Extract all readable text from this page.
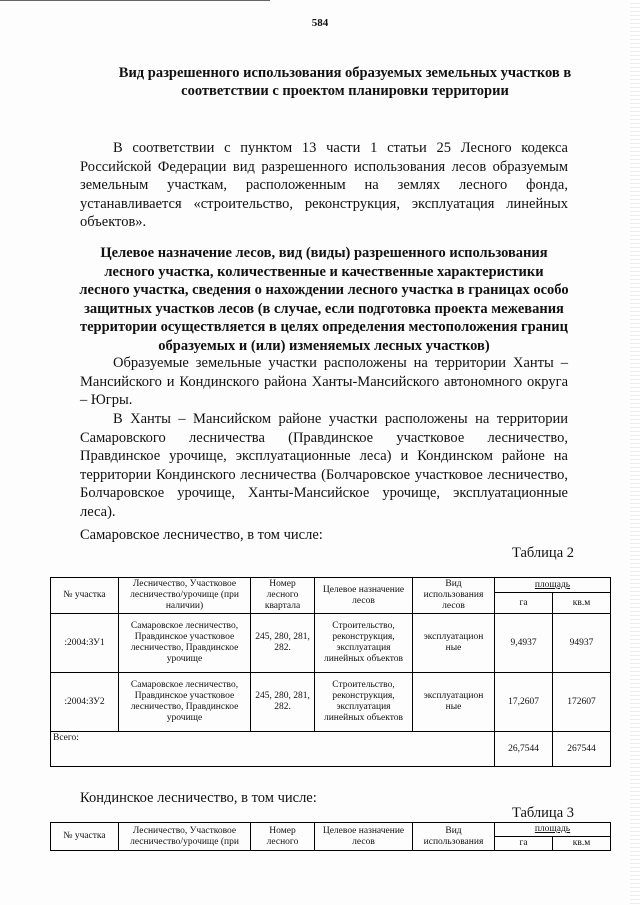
584
Вид разрешенного использования образуемых земельных участков в соответствии с проектом планировки территории
В соответствии с пунктом 13 части 1 статьи 25 Лесного кодекса Российской Федерации вид разрешенного использования лесов образуемым земельным участкам, расположенным на землях лесного фонда, устанавливается «строительство, реконструкция, эксплуатация линейных объектов».
Целевое назначение лесов, вид (виды) разрешенного использования лесного участка, количественные и качественные характеристики лесного участка, сведения о нахождении лесного участка в границах особо защитных участков лесов (в случае, если подготовка проекта межевания территории осуществляется в целях определения местоположения границ образуемых и (или) изменяемых лесных участков)
Образуемые земельные участки расположены на территории Ханты – Мансийского и Кондинского района Ханты-Мансийского автономного округа – Югры.
В Ханты – Мансийском районе участки расположены на территории Самаровского лесничества (Правдинское участковое лесничество, Правдинское урочище, эксплуатационные леса) и Кондинском районе на территории Кондинского лесничества (Болчаровское участковое лесничество, Болчаровское урочище, Ханты-Мансийское урочище, эксплуатационные леса).
Самаровское лесничество, в том числе:
Таблица 2
№ участка	Лесничество, Участковое лесничество/урочище (при наличии)	Номер лесного квартала	Целевое назначение лесов	Вид использования лесов	площадь	
					га	кв.м
:2004:ЗУ1	Самаровское лесничество, Правдинское участковое лесничество, Правдинское урочище	245, 280, 281, 282.	Строительство, реконструкция, эксплуатация линейных объектов	эксплуатацион ные	9,4937	94937
:2004:ЗУ2	Самаровское лесничество, Правдинское участковое лесничество, Правдинское урочище	245, 280, 281, 282.	Строительство, реконструкция, эксплуатация линейных объектов	эксплуатацион ные	17,2607	172607
Всего:					26,7544	267544
Кондинское лесничество, в том числе:
Таблица 3
№ участка	Лесничество, Участковое лесничество/урочище (при	Номер лесного	Целевое назначение лесов	Вид использования	площадь	
					га	кв.м
